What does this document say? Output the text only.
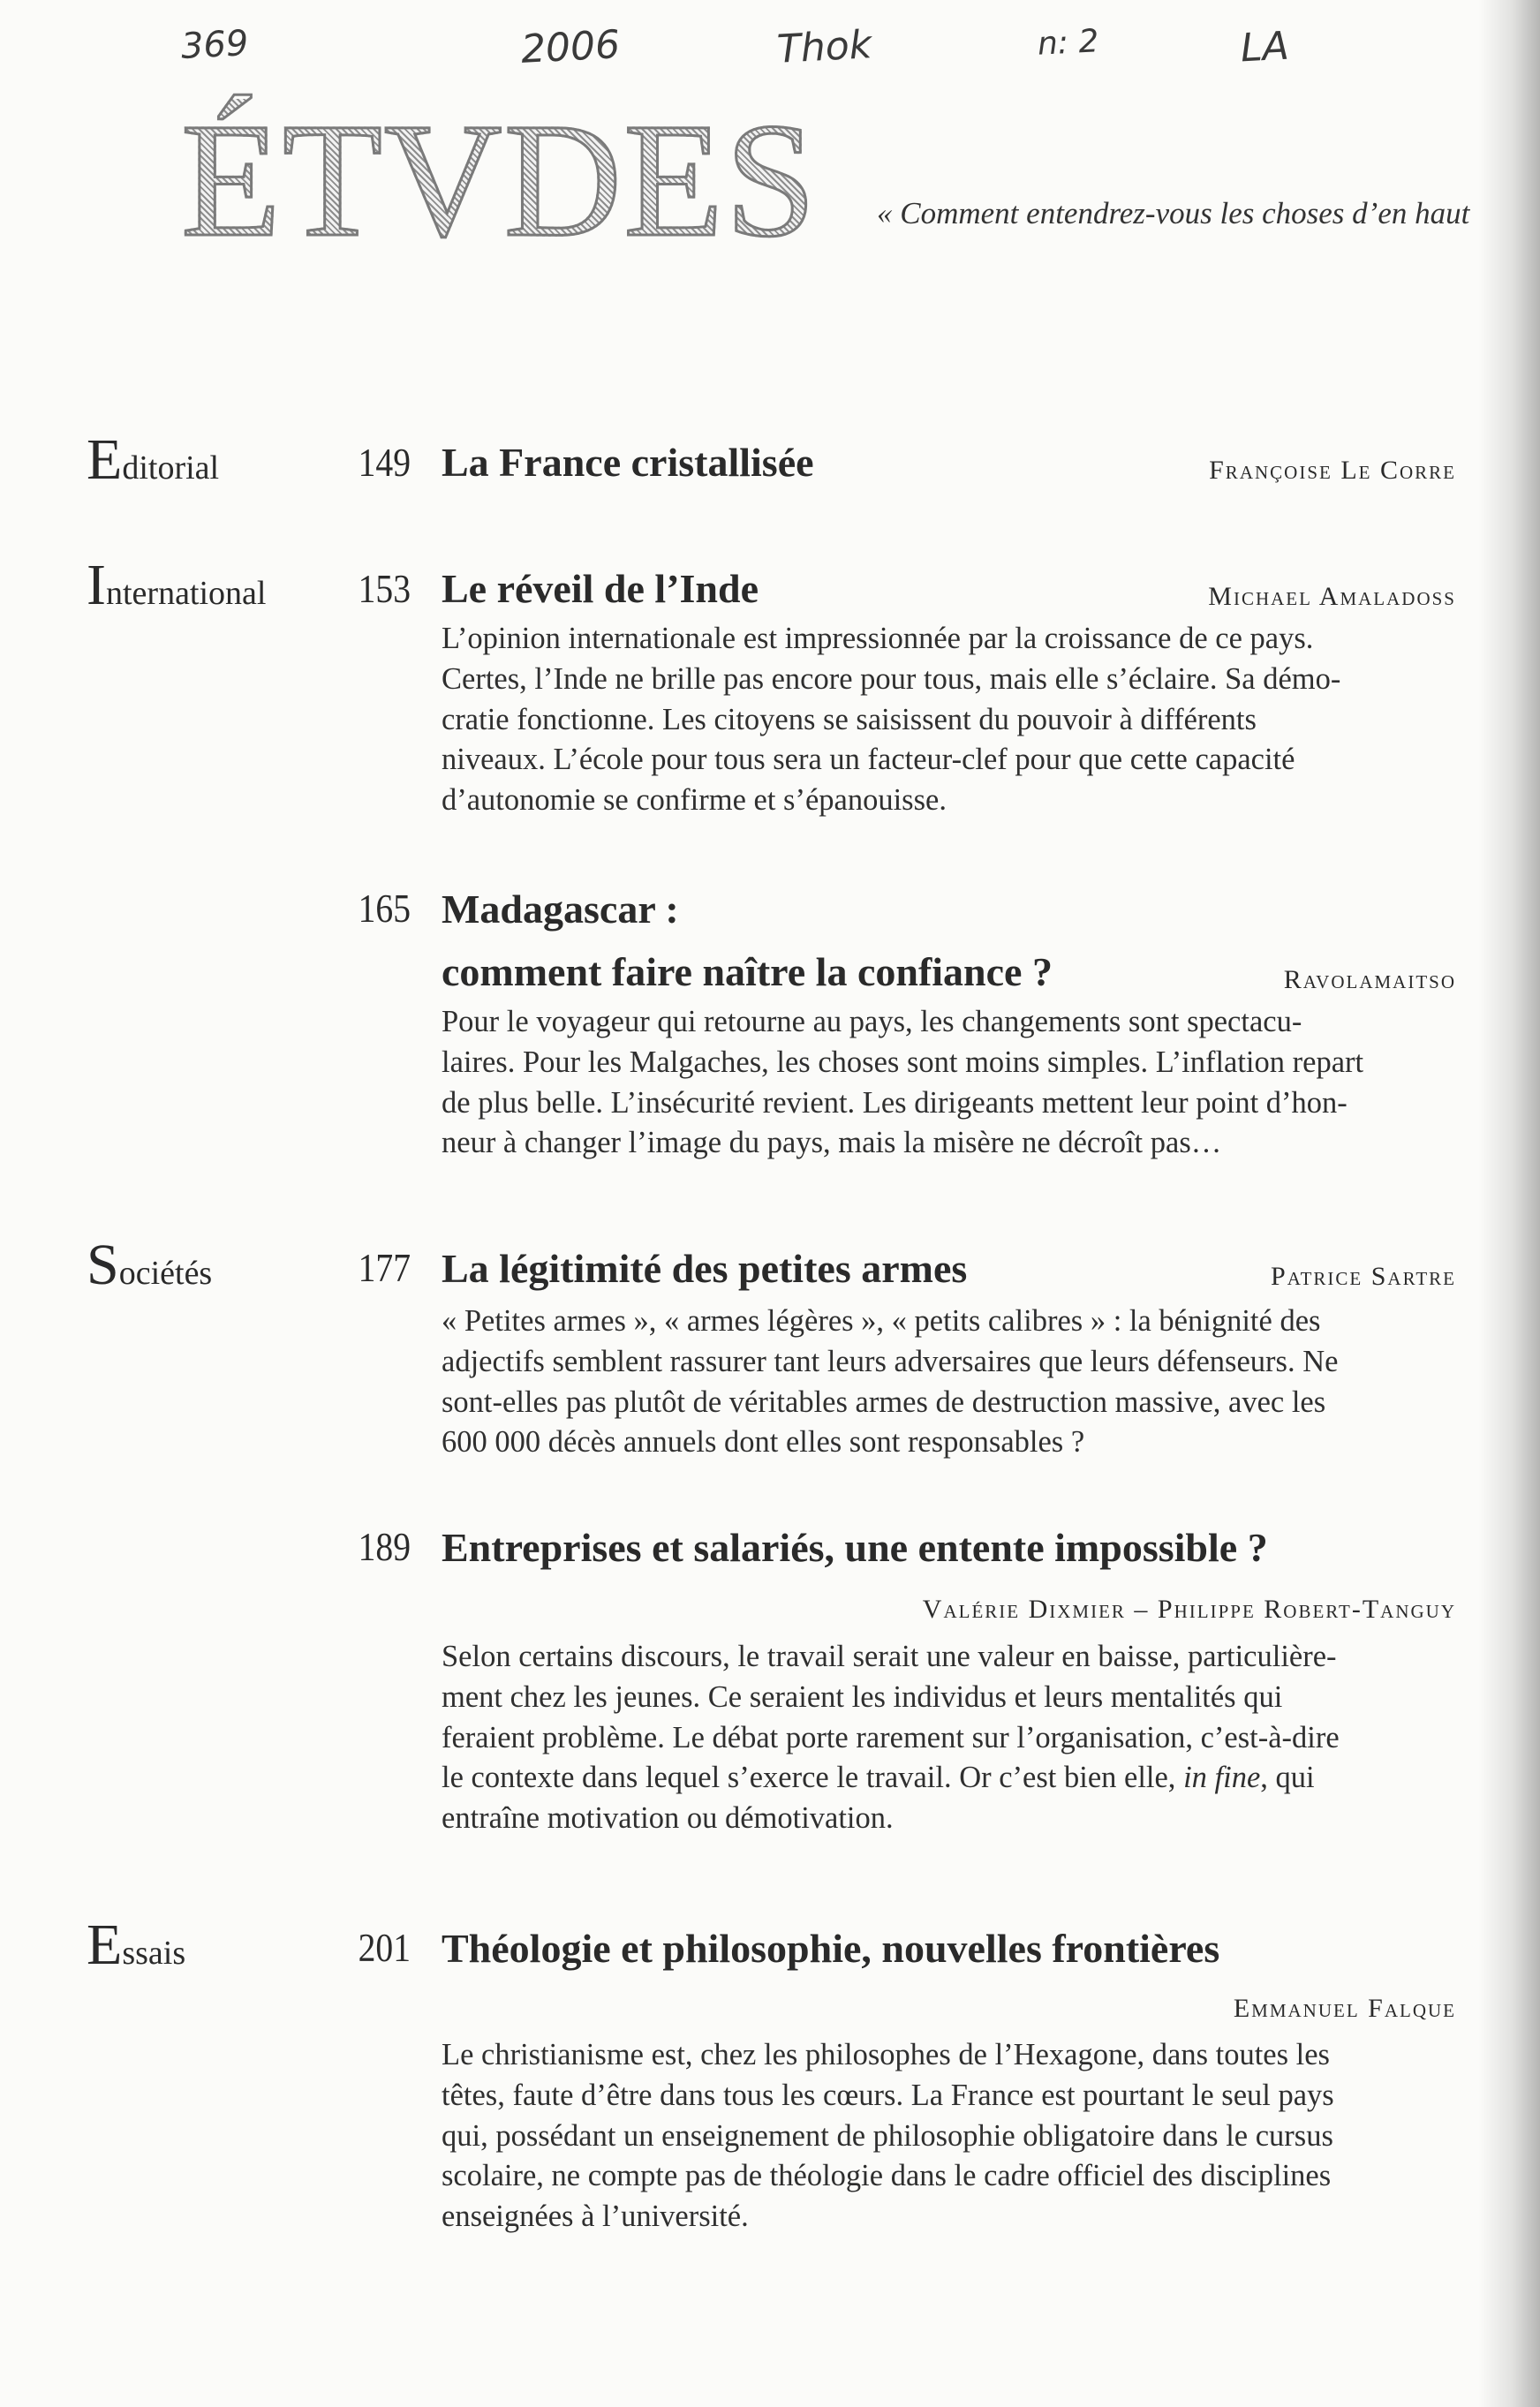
369	2006	Thok	n: 2	LA
ÉTVDES « Comment entendrez-vous les choses d’en haut
Editorial	149 La France cristallisée	Françoise Le Corre
International 153 Le réveil de l’Inde	Michael Amaladoss
L’opinion internationale est impressionnée par la croissance de ce pays.
Certes, l’Inde ne brille pas encore pour tous, mais elle s’éclaire. Sa démo-
cratie fonctionne. Les citoyens se saisissent du pouvoir à différents
niveaux. L’école pour tous sera un facteur-clef pour que cette capacité
d’autonomie se confirme et s’épanouisse.
165 Madagascar :
comment faire naître la confiance ?	Ravolamaitso
Pour le voyageur qui retourne au pays, les changements sont spectacu-
laires. Pour les Malgaches, les choses sont moins simples. L’inflation repart
de plus belle. L’insécurité revient. Les dirigeants mettent leur point d’hon-
neur à changer l’image du pays, mais la misère ne décroît pas…
Sociétés	177 La légitimité des petites armes	Patrice Sartre
« Petites armes », « armes légères », « petits calibres » : la bénignité des
adjectifs semblent rassurer tant leurs adversaires que leurs défenseurs. Ne
sont-elles pas plutôt de véritables armes de destruction massive, avec les
600 000 décès annuels dont elles sont responsables ?
189 Entreprises et salariés, une entente impossible ?
Valérie Dixmier – Philippe Robert-Tanguy
Selon certains discours, le travail serait une valeur en baisse, particulière-
ment chez les jeunes. Ce seraient les individus et leurs mentalités qui
feraient problème. Le débat porte rarement sur l’organisation, c’est-à-dire
le contexte dans lequel s’exerce le travail. Or c’est bien elle, in fine, qui
entraîne motivation ou démotivation.
Essais	201 Théologie et philosophie, nouvelles frontières
Emmanuel Falque
Le christianisme est, chez les philosophes de l’Hexagone, dans toutes les
têtes, faute d’être dans tous les cœurs. La France est pourtant le seul pays
qui, possédant un enseignement de philosophie obligatoire dans le cursus
scolaire, ne compte pas de théologie dans le cadre officiel des disciplines
enseignées à l’université.
